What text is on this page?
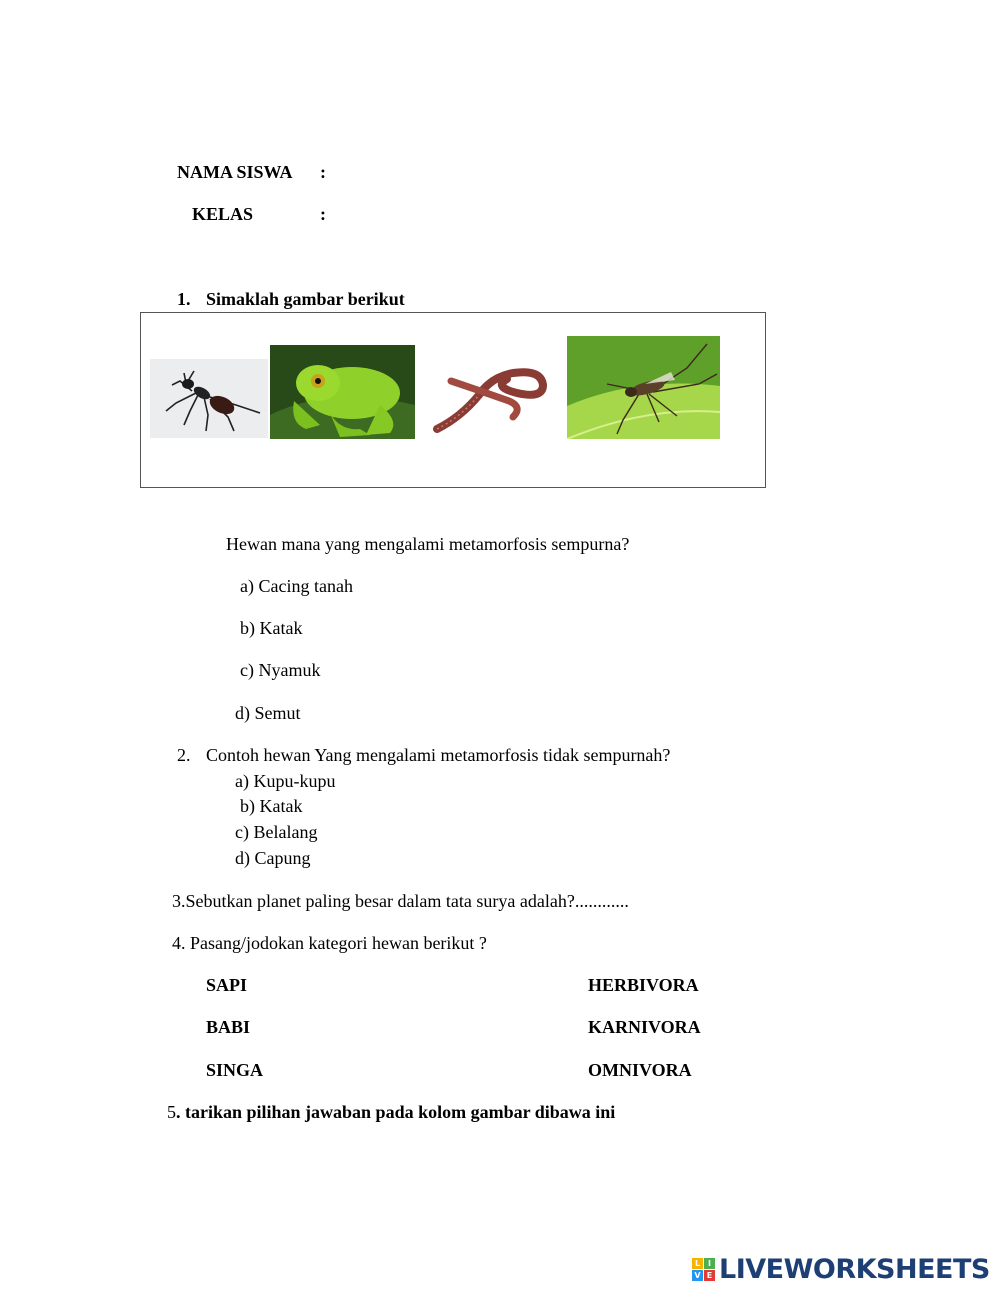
NAMA SISWA :
KELAS	:
1. Simaklah gambar berikut
Hewan mana yang mengalami metamorfosis sempurna?
a) Cacing tanah
b) Katak
c) Nyamuk
d) Semut
2. Contoh hewan Yang mengalami metamorfosis tidak sempurnah?
a) Kupu-kupu
b) Katak
c) Belalang
d) Capung
3.Sebutkan planet paling besar dalam tata surya adalah?............
4. Pasang/jodokan kategori hewan berikut ?
SAPI
BABI
SINGA
HERBIVORA
KARNIVORA
OMNIVORA
5. tarikan pilihan jawaban pada kolom gambar dibawa ini
L I
V E LIVEWORKSHEETS
